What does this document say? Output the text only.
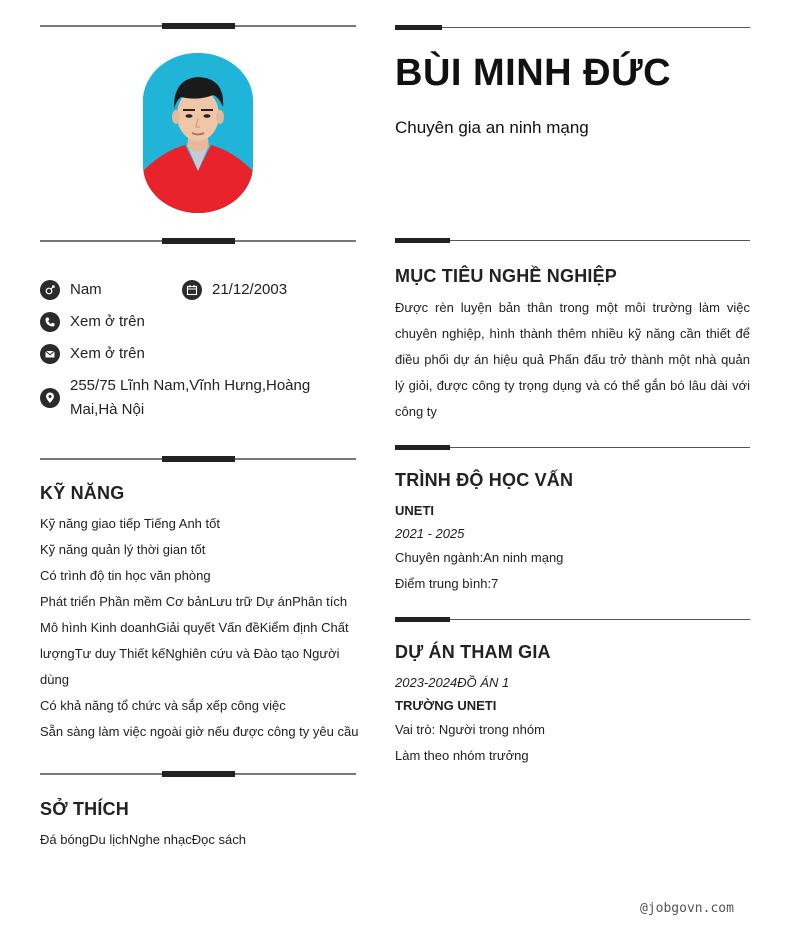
Nam	21/12/2003
Xem ở trên
Xem ở trên
255/75 Lĩnh Nam,Vĩnh Hưng,Hoàng
Mai,Hà Nội
KỸ NĂNG
Kỹ năng giao tiếp Tiếng Anh tốt
Kỹ năng quản lý thời gian tốt
Có trình độ tin học văn phòng
Phát triển Phần mềm Cơ bảnLưu trữ Dự ánPhân tích
Mô hình Kinh doanhGiải quyết Vấn đềKiểm định Chất
lượngTư duy Thiết kếNghiên cứu và Đào tạo Người
dùng
Có khả năng tổ chức và sắp xếp công việc
Sẵn sàng làm việc ngoài giờ nếu được công ty yêu cầu
SỞ THÍCH
Đá bóngDu lịchNghe nhạcĐọc sách
BÙI MINH ĐỨC
Chuyên gia an ninh mạng
MỤC TIÊU NGHỀ NGHIỆP
Được rèn luyện bản thân trong một môi trường làm việc chuyên nghiệp, hình thành thêm nhiều kỹ năng cần thiết để điều phối dự án hiệu quả Phấn đấu trở thành một nhà quản lý giỏi, được công ty trọng dụng và có thể gắn bó lâu dài với công ty
TRÌNH ĐỘ HỌC VẤN
UNETI
2021 - 2025
Chuyên ngành:An ninh mạng
Điểm trung bình:7
DỰ ÁN THAM GIA
2023-2024ĐỒ ÁN 1
TRƯỜNG UNETI
Vai trò: Người trong nhóm
Làm theo nhóm trưởng
@jobgovn.com
